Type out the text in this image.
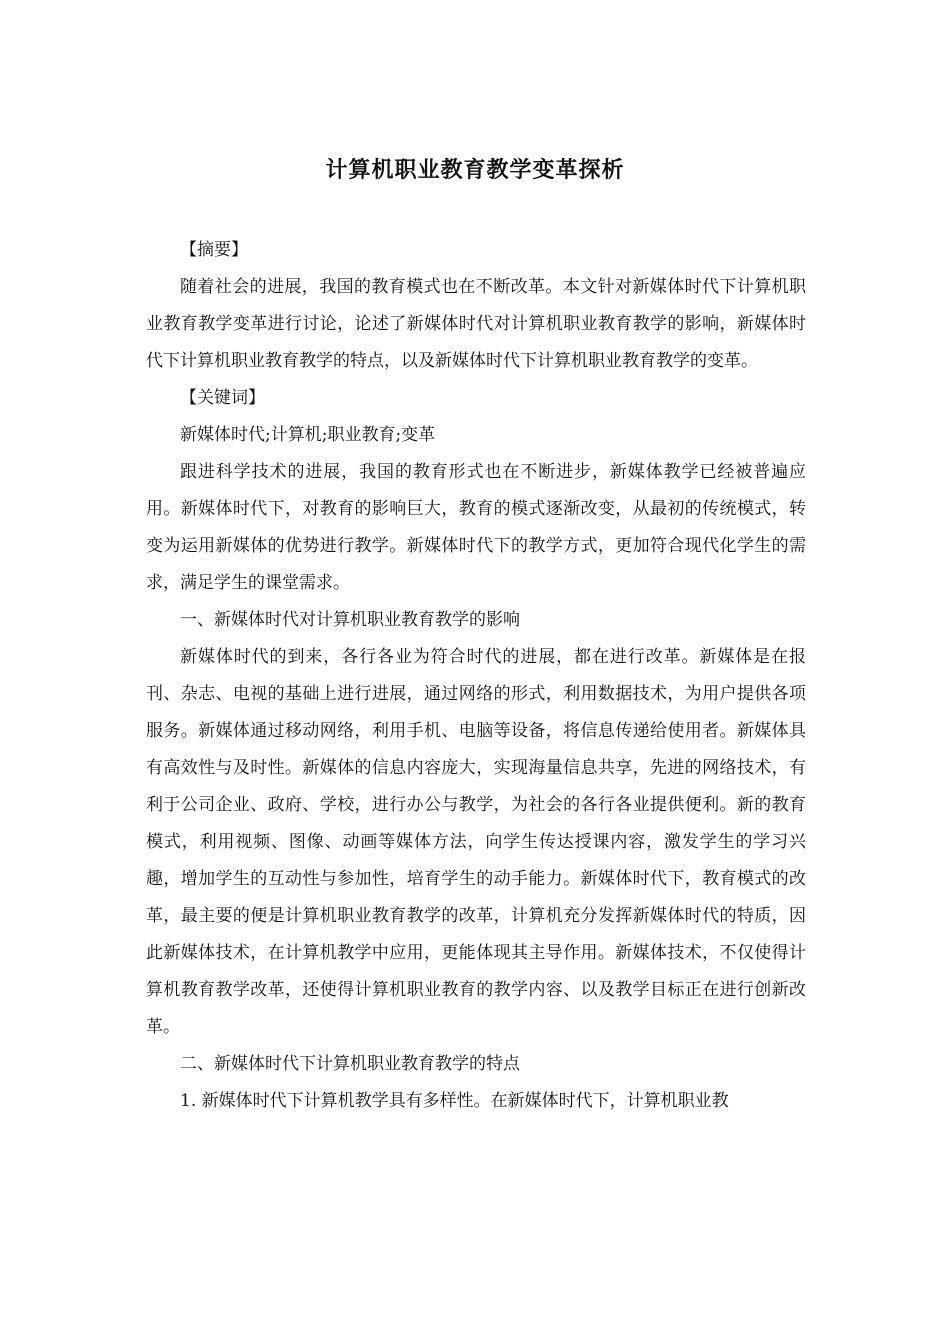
计算机职业教育教学变革探析

【摘要】

随着社会的进展，我国的教育模式也在不断改革。本文针对新媒体时代下计算机职业教育教学变革进行讨论，论述了新媒体时代对计算机职业教育教学的影响，新媒体时代下计算机职业教育教学的特点，以及新媒体时代下计算机职业教育教学的变革。

【关键词】

新媒体时代;计算机;职业教育;变革

跟进科学技术的进展，我国的教育形式也在不断进步，新媒体教学已经被普遍应用。新媒体时代下，对教育的影响巨大，教育的模式逐渐改变，从最初的传统模式，转变为运用新媒体的优势进行教学。新媒体时代下的教学方式，更加符合现代化学生的需求，满足学生的课堂需求。

一、新媒体时代对计算机职业教育教学的影响

新媒体时代的到来，各行各业为符合时代的进展，都在进行改革。新媒体是在报刊、杂志、电视的基础上进行进展，通过网络的形式，利用数据技术，为用户提供各项服务。新媒体通过移动网络，利用手机、电脑等设备，将信息传递给使用者。新媒体具有高效性与及时性。新媒体的信息内容庞大，实现海量信息共享，先进的网络技术，有利于公司企业、政府、学校，进行办公与教学，为社会的各行各业提供便利。新的教育模式，利用视频、图像、动画等媒体方法，向学生传达授课内容，激发学生的学习兴趣，增加学生的互动性与参加性，培育学生的动手能力。新媒体时代下，教育模式的改革，最主要的便是计算机职业教育教学的改革，计算机充分发挥新媒体时代的特质，因此新媒体技术，在计算机教学中应用，更能体现其主导作用。新媒体技术，不仅使得计算机教育教学改革，还使得计算机职业教育的教学内容、以及教学目标正在进行创新改革。

二、新媒体时代下计算机职业教育教学的特点

1. 新媒体时代下计算机教学具有多样性。在新媒体时代下，计算机职业教
